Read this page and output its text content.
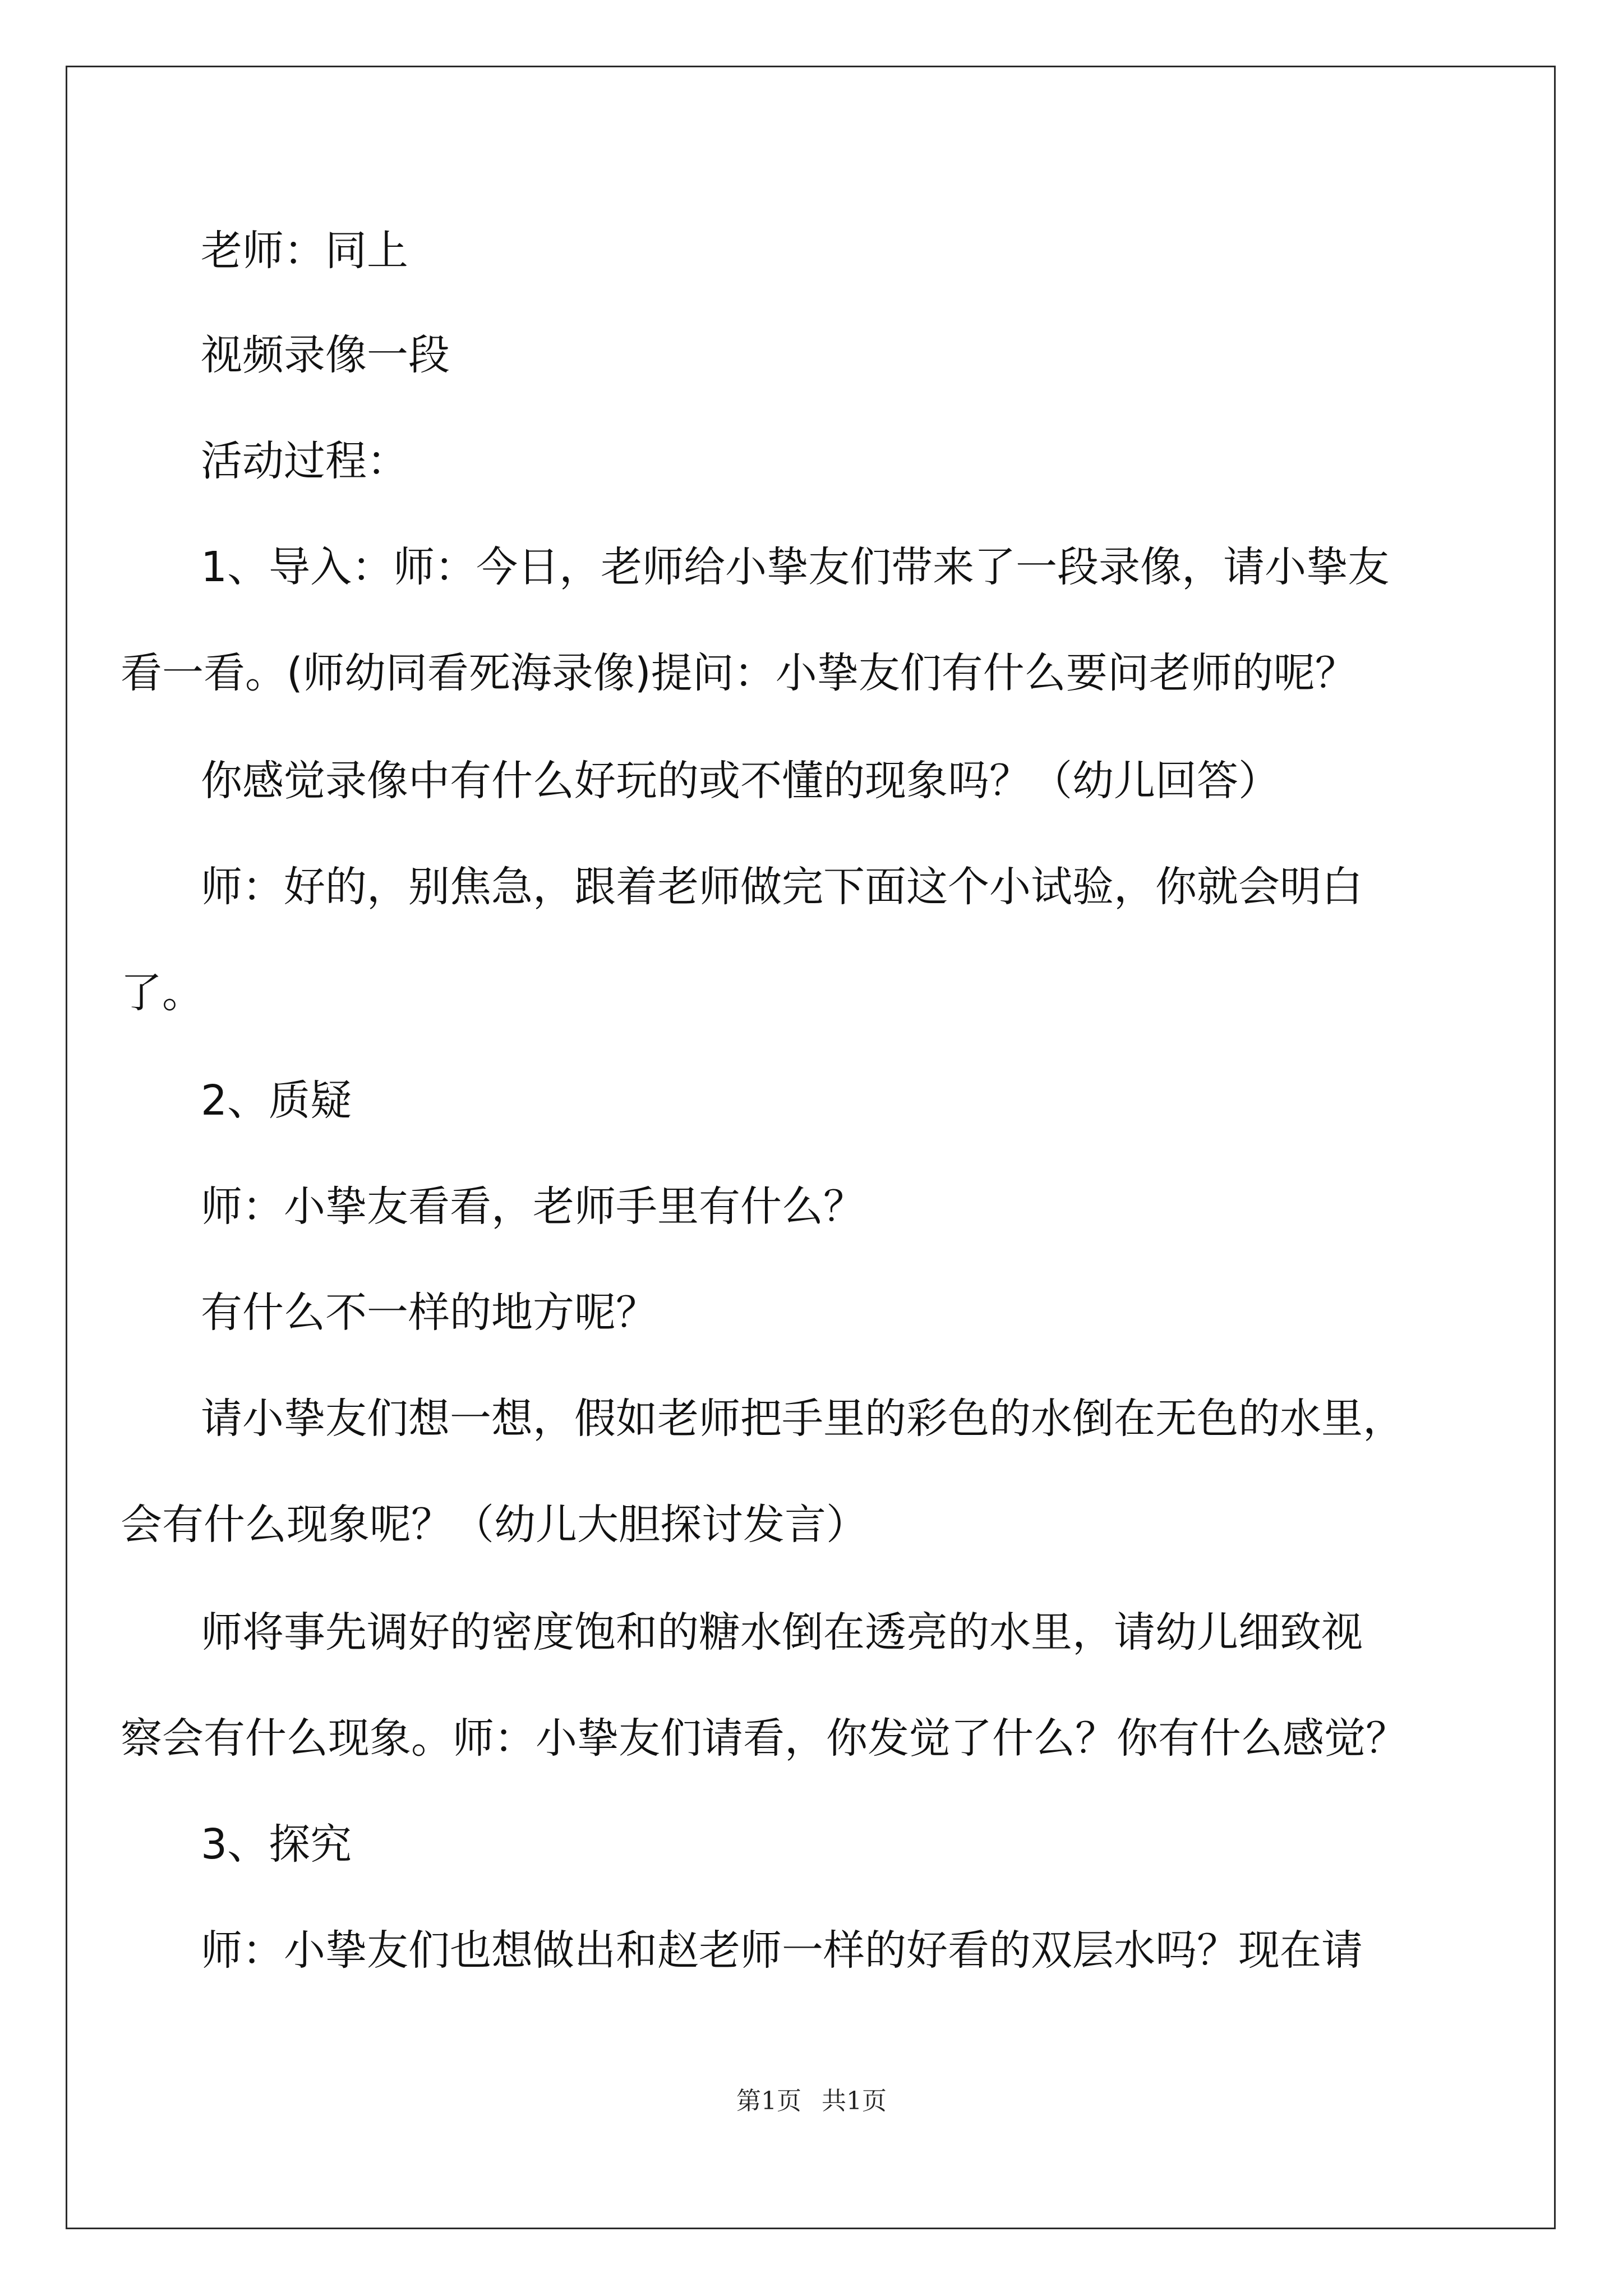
老师：同上
视频录像一段
活动过程：
1、导入：师：今日，老师给小挚友们带来了一段录像，请小挚友
看一看。(师幼同看死海录像)提问：小挚友们有什么要问老师的呢？
你感觉录像中有什么好玩的或不懂的现象吗？（幼儿回答）
师：好的，别焦急，跟着老师做完下面这个小试验，你就会明白
了。
2、质疑
师：小挚友看看，老师手里有什么？
有什么不一样的地方呢？
请小挚友们想一想，假如老师把手里的彩色的水倒在无色的水里，
会有什么现象呢？（幼儿大胆探讨发言）
师将事先调好的密度饱和的糖水倒在透亮的水里，请幼儿细致视
察会有什么现象。师：小挚友们请看，你发觉了什么？你有什么感觉？
3、探究
师：小挚友们也想做出和赵老师一样的好看的双层水吗？现在请
第1页 共1页
